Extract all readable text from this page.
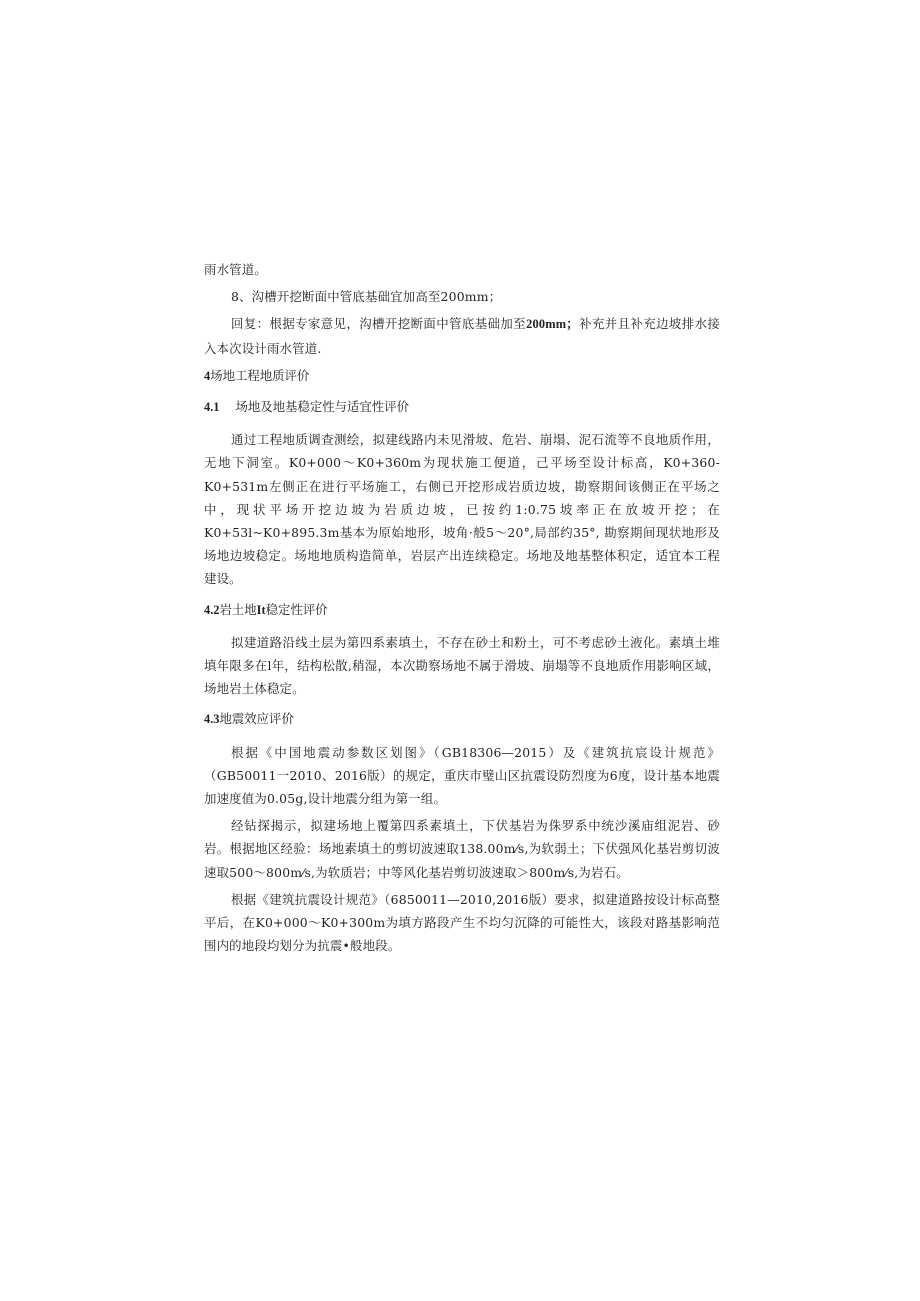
雨水管道。

8、沟槽开挖断面中管底基础宜加高至200mm；

回复：根据专家意见，沟槽开挖断面中管底基础加至200mm；补充并且补充边坡排水接入本次设计雨水管道.

4场地工程地质评价

4.1 场地及地基稳定性与适宜性评价

通过工程地质调查测绘，拟建线路内未见滑坡、危岩、崩塌、泥石流等不良地质作用，无地下洞室。K0+000～K0+360m为现状施工便道，己平场至设计标高，K0+360-K0+531m左侧正在进行平场施工，右侧已开挖形成岩质边坡，勘察期间该侧正在平场之中，现状平场开挖边坡为岩质边坡，已按约1:0.75坡率正在放坡开挖；在K0+53l~K0+895.3m基本为原始地形，坡角·般5～20°,局部约35°, 勘察期间现状地形及场地边坡稳定。场地地质构造简单，岩层产出连续稳定。场地及地基整体积定，适宜本工程建设。

4.2岩土地It稳定性评价

拟建道路沿线土层为第四系素填土，不存在砂土和粉土，可不考虑砂土液化。素填土堆填年限多在l年，结构松散,稍湿，本次勘察场地不属于滑坡、崩塌等不良地质作用影响区域，场地岩土体稳定。

4.3地震效应评价

根据《中国地震动参数区划图》（GB18306—2015）及《建筑抗宸设计规范》（GB50011一2010、2016版）的规定，重庆市璧山区抗震设防烈度为6度，设计基本地震加速度值为0.05g,设计地震分组为第一组。

经钻探揭示，拟建场地上覆第四系素填土，下伏基岩为侏罗系中统沙溪庙组泥岩、砂岩。根据地区经验：场地素填土的剪切波速取138.00m⁄s,为软弱土；下伏强风化基岩剪切波速取500～800m⁄s,为软质岩；中等风化基岩剪切波速取＞800m⁄s,为岩石。

根据《建筑抗震设计规范》（6850011—2010,2016版）要求，拟建道路按设计标高整平后，在K0+000～K0+300m为填方路段产生不均匀沉降的可能性大，该段对路基影响范围内的地段均划分为抗震•般地段。
